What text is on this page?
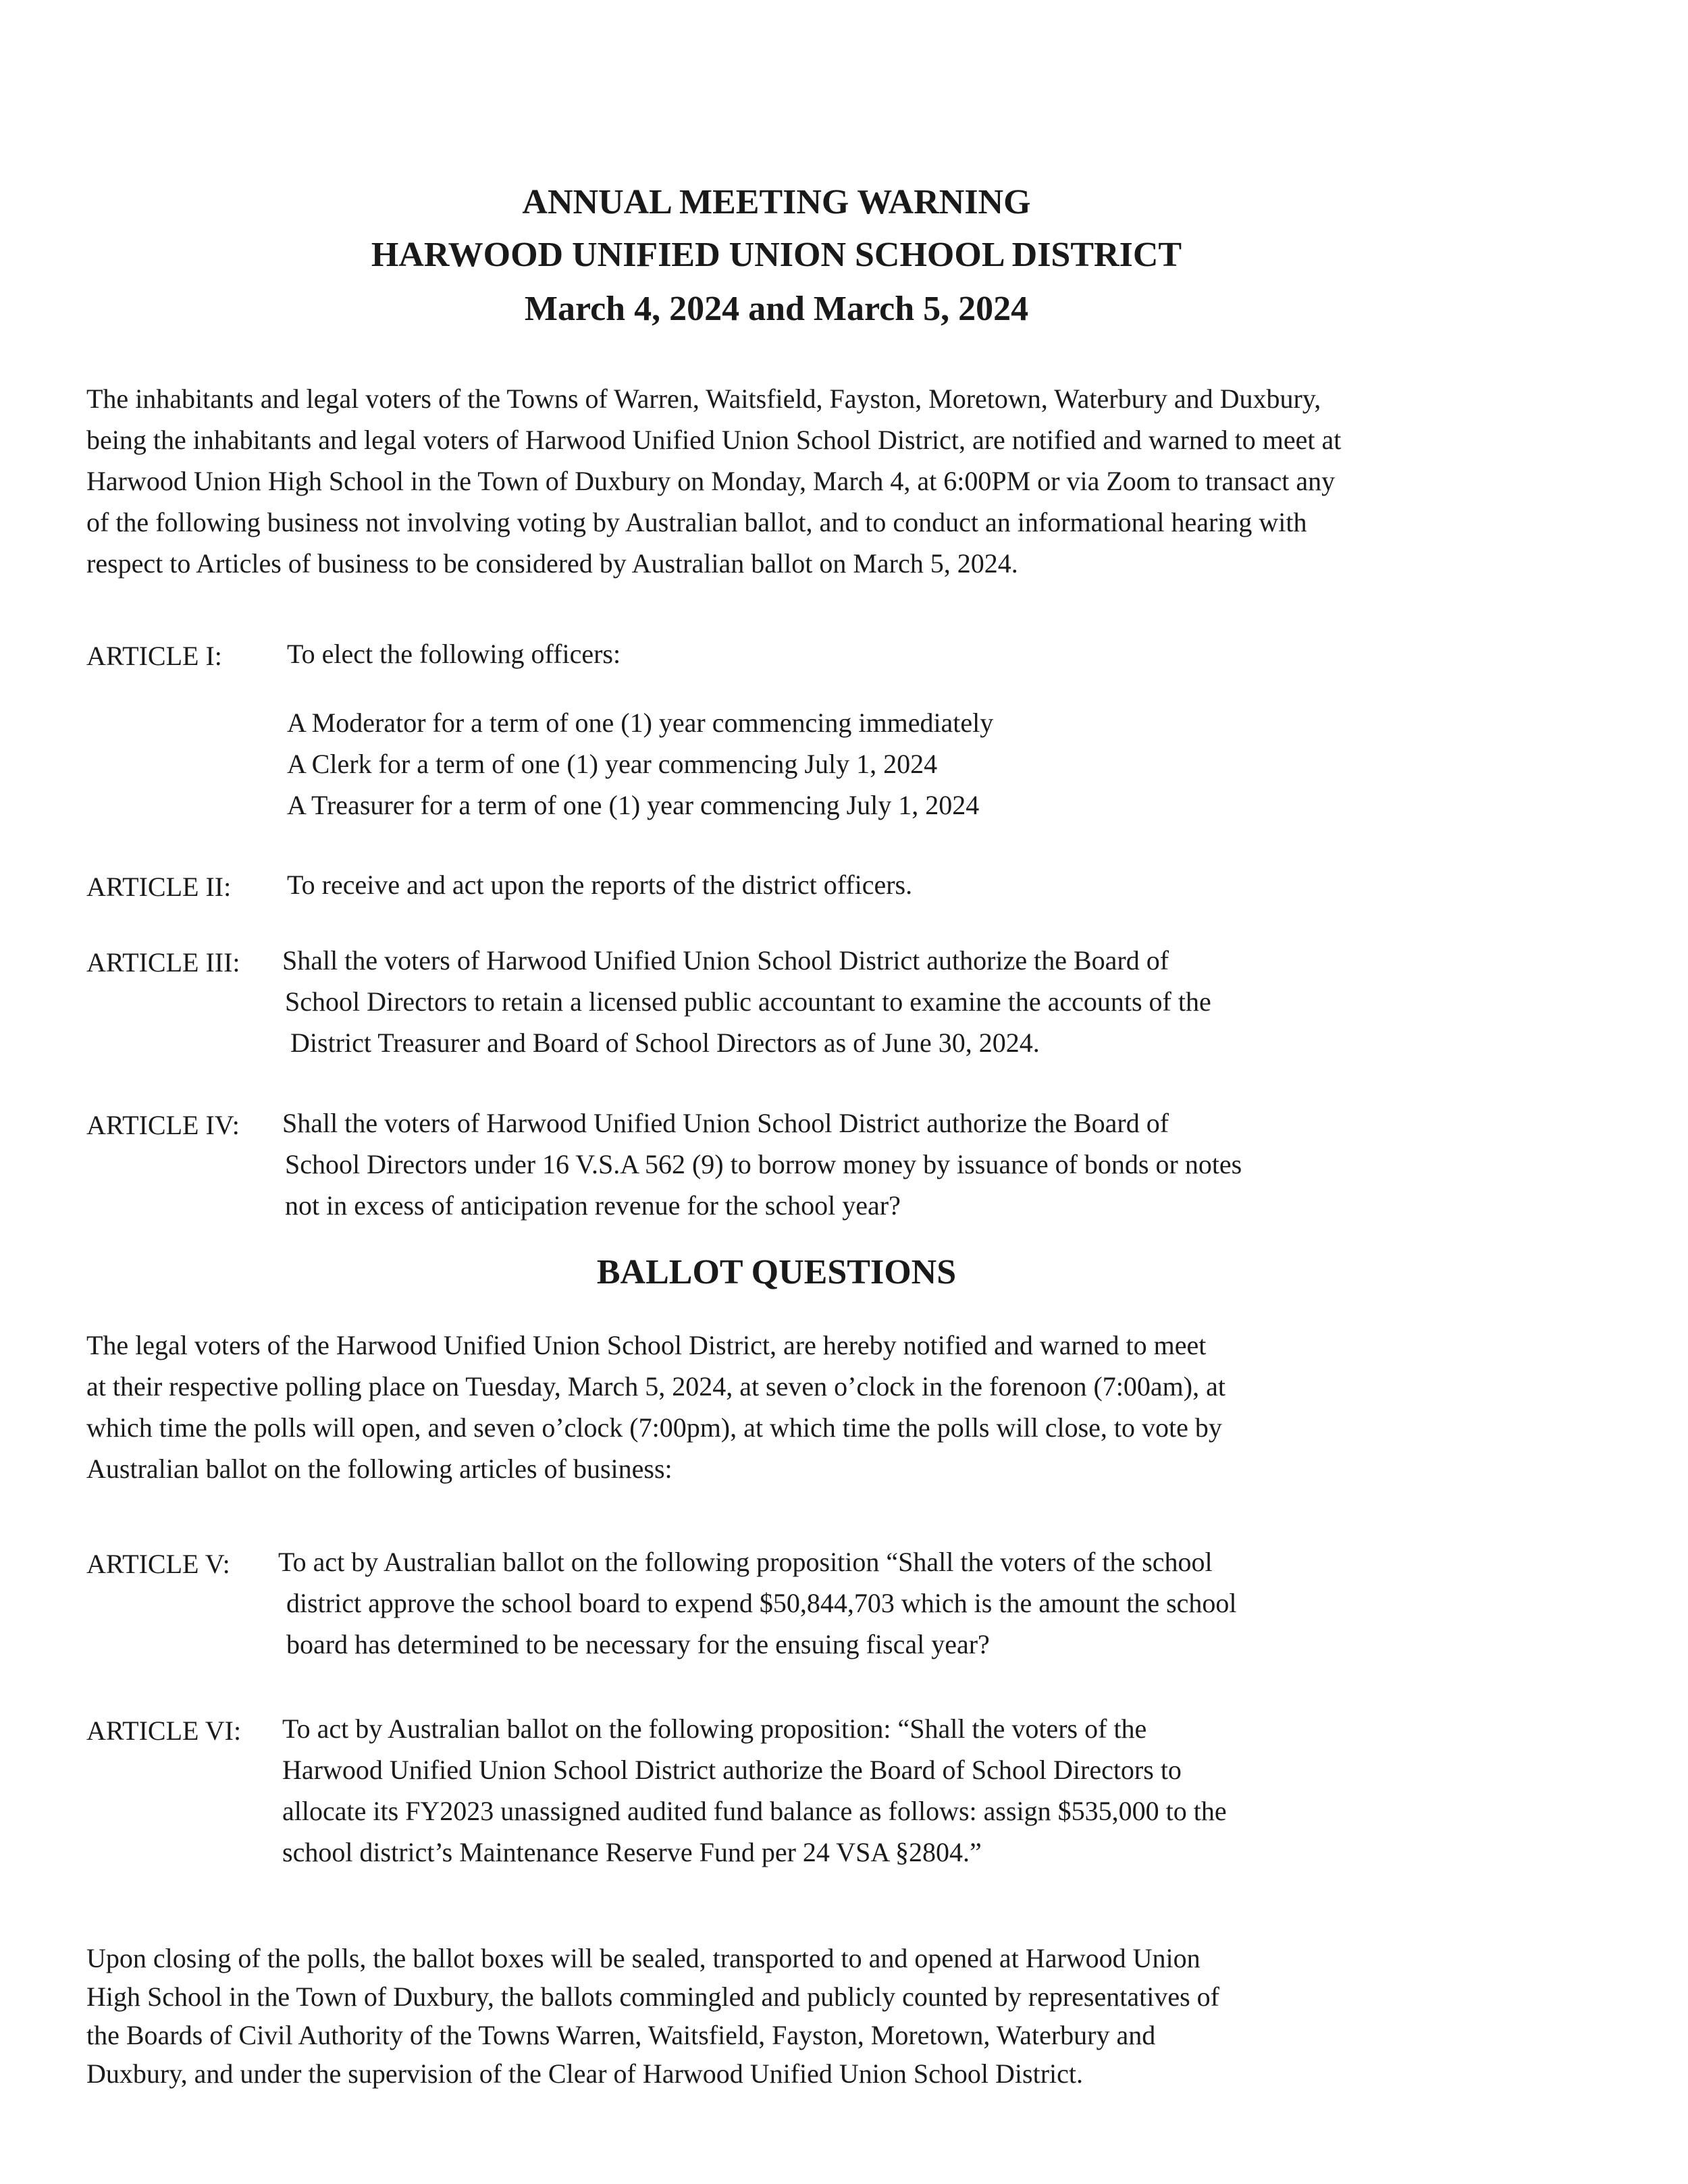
ANNUAL MEETING WARNING
HARWOOD UNIFIED UNION SCHOOL DISTRICT
March 4, 2024 and March 5, 2024
The inhabitants and legal voters of the Towns of Warren, Waitsfield, Fayston, Moretown, Waterbury and Duxbury,
being the inhabitants and legal voters of Harwood Unified Union School District, are notified and warned to meet at
Harwood Union High School in the Town of Duxbury on Monday, March 4, at 6:00PM or via Zoom to transact any
of the following business not involving voting by Australian ballot, and to conduct an informational hearing with
respect to Articles of business to be considered by Australian ballot on March 5, 2024.
ARTICLE I: To elect the following officers:
A Moderator for a term of one (1) year commencing immediately
A Clerk for a term of one (1) year commencing July 1, 2024
A Treasurer for a term of one (1) year commencing July 1, 2024
ARTICLE II: To receive and act upon the reports of the district officers.
ARTICLE III: Shall the voters of Harwood Unified Union School District authorize the Board of
School Directors to retain a licensed public accountant to examine the accounts of the
District Treasurer and Board of School Directors as of June 30, 2024.
ARTICLE IV: Shall the voters of Harwood Unified Union School District authorize the Board of
School Directors under 16 V.S.A 562 (9) to borrow money by issuance of bonds or notes
not in excess of anticipation revenue for the school year?
BALLOT QUESTIONS
The legal voters of the Harwood Unified Union School District, are hereby notified and warned to meet
at their respective polling place on Tuesday, March 5, 2024, at seven o’clock in the forenoon (7:00am), at
which time the polls will open, and seven o’clock (7:00pm), at which time the polls will close, to vote by
Australian ballot on the following articles of business:
ARTICLE V: To act by Australian ballot on the following proposition “Shall the voters of the school
district approve the school board to expend $50,844,703 which is the amount the school
board has determined to be necessary for the ensuing fiscal year?
ARTICLE VI: To act by Australian ballot on the following proposition: “Shall the voters of the
Harwood Unified Union School District authorize the Board of School Directors to
allocate its FY2023 unassigned audited fund balance as follows: assign $535,000 to the
school district’s Maintenance Reserve Fund per 24 VSA §2804.”
Upon closing of the polls, the ballot boxes will be sealed, transported to and opened at Harwood Union
High School in the Town of Duxbury, the ballots commingled and publicly counted by representatives of
the Boards of Civil Authority of the Towns Warren, Waitsfield, Fayston, Moretown, Waterbury and
Duxbury, and under the supervision of the Clear of Harwood Unified Union School District.
